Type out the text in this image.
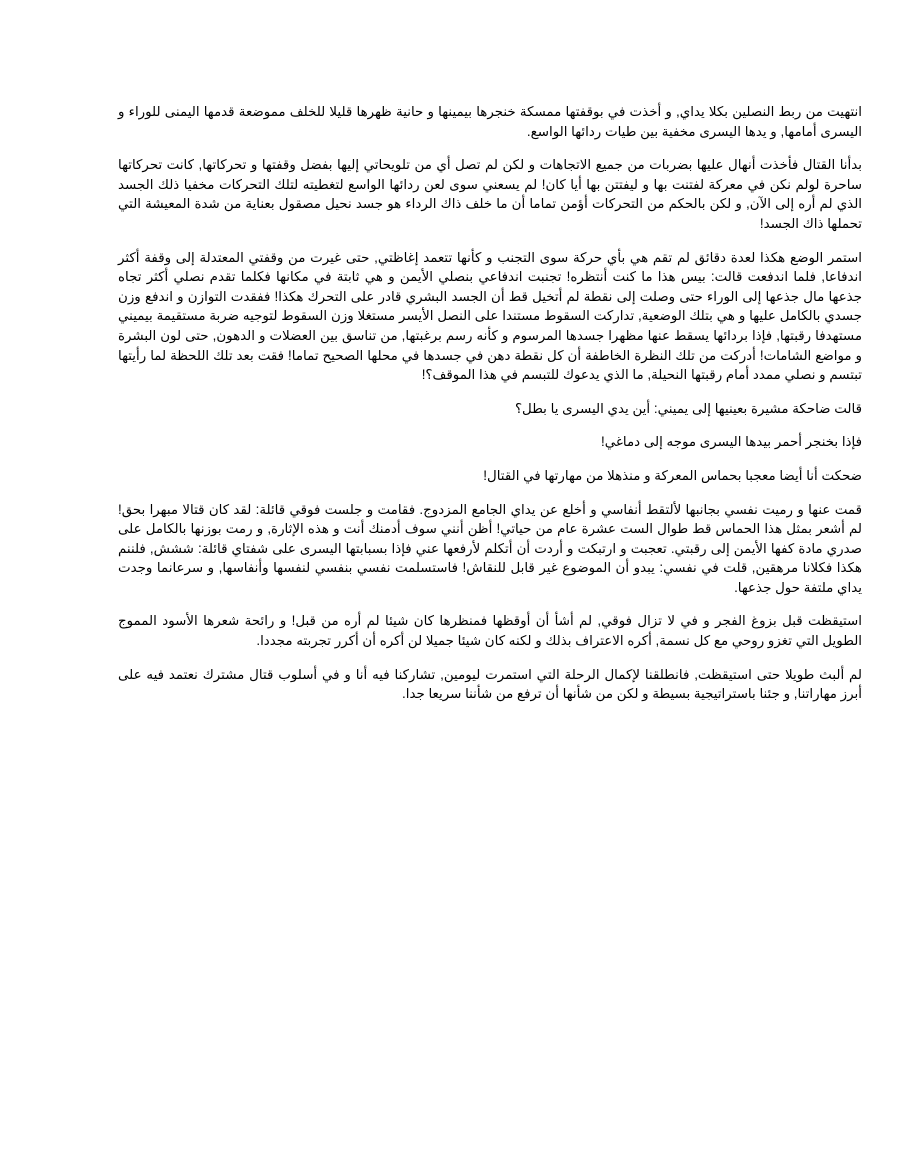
انتهيت من ربط النصلين بكلا يداي, و أخذت في بوقفتها ممسكة خنجرها بيمينها و حانية ظهرها قليلا للخلف مموضعة قدمها اليمنى للوراء و اليسرى أمامها, و يدها اليسرى مخفية بين طيات ردائها الواسع.

بدأنا القتال فأخذت أنهال عليها بضربات من جميع الاتجاهات و لكن لم تصل أي من تلويحاتي إليها بفضل وقفتها و تحركاتها, كانت تحركاتها ساحرة لولم نكن في معركة لفتنت بها و ليفتتن بها أيا كان! لم يسعني سوى لعن ردائها الواسع لتغطيته لتلك التحركات مخفيا ذلك الجسد الذي لم أره إلى الآن, و لكن بالحكم من التحركات أؤمن تماما أن ما خلف ذاك الرداء هو جسد نحيل مصقول بعناية من شدة المعيشة التي تحملها ذاك الجسد!

استمر الوضع هكذا لعدة دقائق لم تقم هي بأي حركة سوى التجنب و كأنها تتعمد إغاظتي, حتى غيرت من وقفتي المعتدلة إلى وقفة أكثر اندفاعا, فلما اندفعت قالت: بيس هذا ما كنت أنتظره! تجنبت اندفاعي بنصلي الأيمن و هي ثابتة في مكانها فكلما تقدم نصلي أكثر تجاه جذعها مال جذعها إلى الوراء حتى وصلت إلى نقطة لم أتخيل قط أن الجسد البشري قادر على التحرك هكذا! ففقدت التوازن و اندفع وزن جسدي بالكامل عليها و هي بتلك الوضعية, تداركت السقوط مستندا على النصل الأيسر مستغلا وزن السقوط لتوجيه ضربة مستقيمة بيميني مستهدفا رقبتها, فإذا بردائها يسقط عنها مظهرا جسدها المرسوم و كأنه رسم برغبتها, من تناسق بين العضلات و الدهون, حتى لون البشرة و مواضع الشامات! أدركت من تلك النظرة الخاطفة أن كل نقطة دهن في جسدها في محلها الصحيح تماما! فقت بعد تلك اللحظة لما رأيتها تبتسم و نصلي ممدد أمام رقبتها النحيلة, ما الذي يدعوك للتبسم في هذا الموقف؟!

قالت ضاحكة مشيرة بعينيها إلى يميني: أين يدي اليسرى يا بطل؟

فإذا بخنجر أحمر بيدها اليسرى موجه إلى دماغي!

ضحكت أنا أيضا معجبا بحماس المعركة و منذهلا من مهارتها في القتال!

قمت عنها و رميت نفسي بجانبها لألتقط أنفاسي و أخلع عن يداي الجامع المزدوج. فقامت و جلست فوقي قائلة: لقد كان قتالا مبهرا بحق! لم أشعر بمثل هذا الحماس قط طوال الست عشرة عام من حياتي! أظن أنني سوف أدمنك أنت و هذه الإثارة, و رمت بوزنها بالكامل على صدري مادة كفها الأيمن إلى رقبتي. تعجبت و ارتبكت و أردت أن أتكلم لأرفعها عني فإذا بسبابتها اليسرى على شفتاي قائلة: ششش, فلننم هكذا فكلانا مرهقين, قلت في نفسي: يبدو أن الموضوع غير قابل للنقاش! فاستسلمت نفسي بنفسي لنفسها وأنفاسها, و سرعانما وجدت يداي ملتفة حول جذعها.

استيقظت قبل بزوغ الفجر و في لا تزال فوقي, لم أشأ أن أوقظها فمنظرها كان شيئا لم أره من قبل! و رائحة شعرها الأسود المموج الطويل التي تغزو روحي مع كل نسمة, أكره الاعتراف بذلك و لكنه كان شيئا جميلا لن أكره أن أكرر تجربته مجددا.

لم ألبث طويلا حتى استيقظت, فانطلقنا لإكمال الرحلة التي استمرت ليومين, تشاركنا فيه أنا و في أسلوب قتال مشترك نعتمد فيه على أبرز مهاراتنا, و جئنا باستراتيجية بسيطة و لكن من شأنها أن ترفع من شأننا سريعا جدا.
